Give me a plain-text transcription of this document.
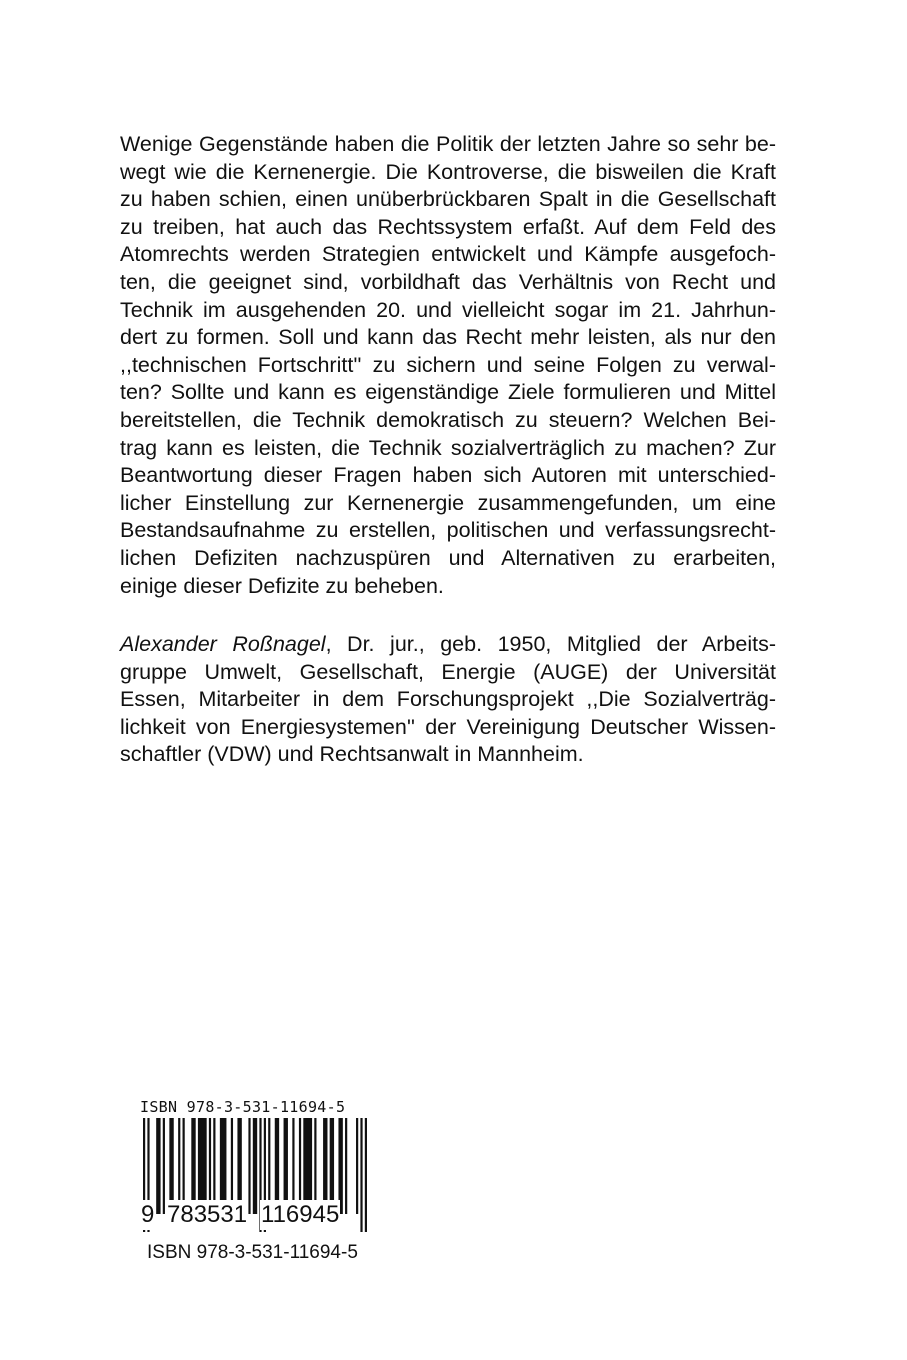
Wenige Gegenstände haben die Politik der letzten Jahre so sehr be-
wegt wie die Kernenergie. Die Kontroverse, die bisweilen die Kraft
zu haben schien, einen unüberbrückbaren Spalt in die Gesellschaft
zu treiben, hat auch das Rechtssystem erfaßt. Auf dem Feld des
Atomrechts werden Strategien entwickelt und Kämpfe ausgefoch-
ten, die geeignet sind, vorbildhaft das Verhältnis von Recht und
Technik im ausgehenden 20. und vielleicht sogar im 21. Jahrhun-
dert zu formen. Soll und kann das Recht mehr leisten, als nur den
,,technischen Fortschritt'' zu sichern und seine Folgen zu verwal-
ten? Sollte und kann es eigenständige Ziele formulieren und Mittel
bereitstellen, die Technik demokratisch zu steuern? Welchen Bei-
trag kann es leisten, die Technik sozialverträglich zu machen? Zur
Beantwortung dieser Fragen haben sich Autoren mit unterschied-
licher Einstellung zur Kernenergie zusammengefunden, um eine
Bestandsaufnahme zu erstellen, politischen und verfassungsrecht-
lichen Defiziten nachzuspüren und Alternativen zu erarbeiten,
einige dieser Defizite zu beheben.
Alexander Roßnagel, Dr. jur., geb. 1950, Mitglied der Arbeits-
gruppe Umwelt, Gesellschaft, Energie (AUGE) der Universität
Essen, Mitarbeiter in dem Forschungsprojekt ,,Die Sozialverträg-
lichkeit von Energiesystemen'' der Vereinigung Deutscher Wissen-
schaftler (VDW) und Rechtsanwalt in Mannheim.
ISBN 978-3-531-11694-5
9 783531 116945
ISBN 978-3-531-11694-5
